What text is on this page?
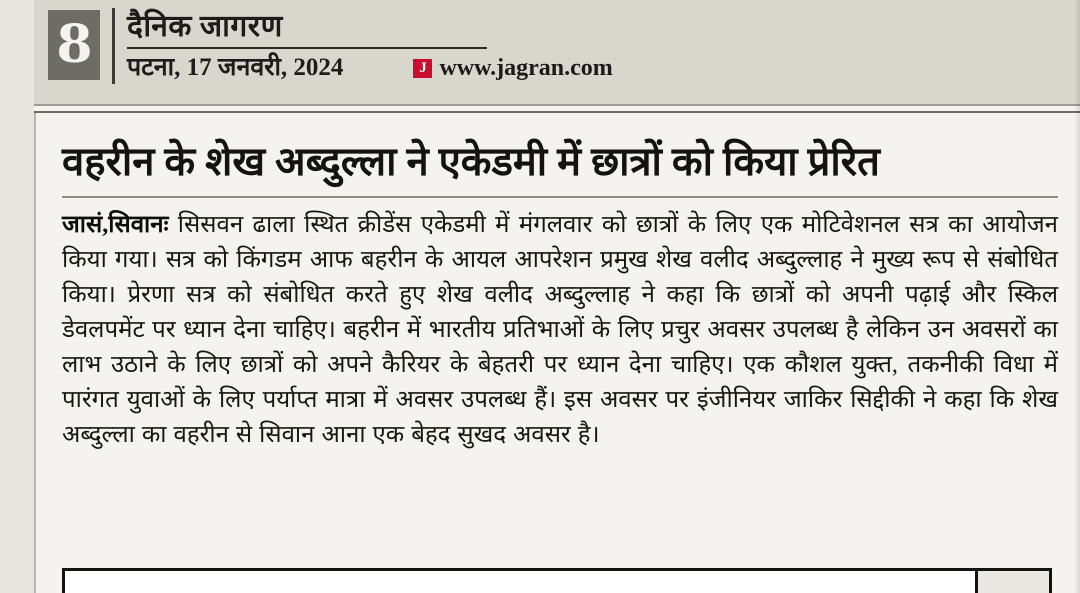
8 दैनिक जागरण
पटना, 17 जनवरी, 2024	J www.jagran.com
वहरीन के शेख अब्दुल्ला ने एकेडमी में छात्रों को किया प्रेरित

जासं,सिवानः सिसवन ढाला स्थित क्रीडेंस एकेडमी में मंगलवार को छात्रों के लिए एक मोटिवेशनल सत्र का आयोजन किया गया। सत्र को किंगडम आफ बहरीन के आयल आपरेशन प्रमुख शेख वलीद अब्दुल्लाह ने मुख्य रूप से संबोधित किया। प्रेरणा सत्र को संबोधित करते हुए शेख वलीद अब्दुल्लाह ने कहा कि छात्रों को अपनी पढ़ाई और स्किल डेवलपमेंट पर ध्यान देना चाहिए। बहरीन में भारतीय प्रतिभाओं के लिए प्रचुर अवसर उपलब्ध है लेकिन उन अवसरों का लाभ उठाने के लिए छात्रों को अपने कैरियर के बेहतरी पर ध्यान देना चाहिए। एक कौशल युक्त, तकनीकी विधा में पारंगत युवाओं के लिए पर्याप्त मात्रा में अवसर उपलब्ध हैं। इस अवसर पर इंजीनियर जाकिर सिद्दीकी ने कहा कि शेख अब्दुल्ला का वहरीन से सिवान आना एक बेहद सुखद अवसर है।
